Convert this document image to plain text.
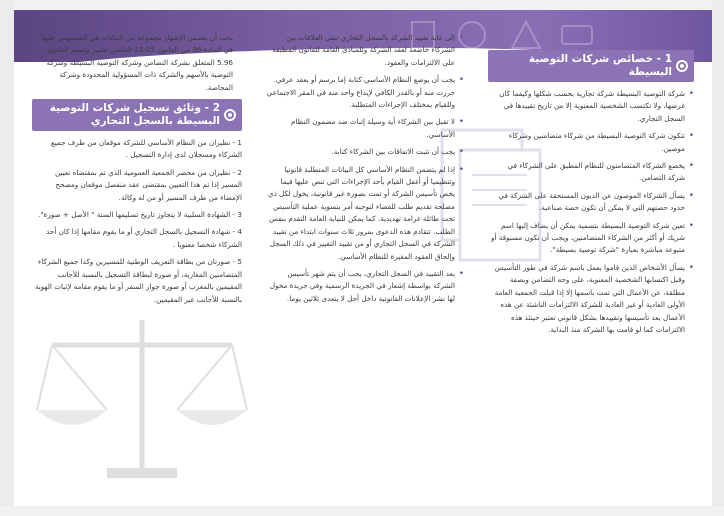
1 - خصائص شركات التوصية البسيطة
• شركة التوصية البسيطة شركة تجارية بحسب شكلها وكيفما كان غرضها، ولا تكتسب الشخصية المعنوية إلا من تاريخ تقييدها في السجل التجاري.
• تتكون شركة التوصية البسيطة من شركاء متضامنين وشركاء موصين.
• يخضع الشركاء المتضامنون للنظام المطبق على الشركاء في شركة التضامن.
• يسأل الشركاء الموصون عن الديون المستحقة على الشركة في حدود حصتهم التي لا يمكن أن تكون حصة صناعية.
• تعين شركة التوصية البسيطة بتسمية يمكن أن يضاف إليها اسم شريك أو أكثر من الشركاء المتضامنين، ويجب أن تكون مسبوقة أو متبوعة مباشرة بعبارة "شركة توصية بسيطة".
• يسأل الأشخاص الذين قاموا بعمل باسم شركة في طور التأسيس وقبل اكتسابها الشخصية المعنوية، على وجه التضامن وبصفة مطلقة، عن الأعمال التي تمت باسمها إلا إذا قبلت الجمعية العامة الأولى العادية أو غير العادية للشركة الالتزامات الناشئة عن هذه الأعمال بعد تأسيسها وتقييدها بشكل قانوني تعتبر حينئذ هذه الالتزامات كما لو قامت بها الشركة منذ البداية.
• إلى غاية تقييد الشركة بالسجل التجاري تبقى العلاقات بين الشركاء خاضعة لعقد الشركة وللمبادئ العامة للقانون المطبقة على الالتزامات والعقود.
• يجب أن يوضع النظام الأساسي كتابة إما برسم أو بعقد عرفي. حررت منه أو بالقدر الكافي لإيداع واحد منه في المقر الاجتماعي وللقيام بمختلف الإجراءات المتطلبة.
• لا تقبل بين الشركاء أية وسيلة إثبات ضد مضمون النظام الأساسي.
• يجب أن تثبت الاتفاقات بين الشركاء كتابة.
• إذا لم يتضمن النظام الأساسي كل البيانات المتطلبة قانونيا وتنظيميا أو أغفل القيام بأحد الإجراءات التي تنص عليها فيما يخص تأسيس الشركة أو تمت بصورة غير قانونية، يخول لكل ذي مصلحة تقديم طلب للقضاء لتوجيه أمر بتسوية عملية التأسيس تحت طائلة غرامة تهديدية. كما يمكن للنيابة العامة التقدم بنفس الطلب. تتقادم هذه الدعوى بمرور ثلاث سنوات ابتداء من تقييد الشركة في السجل التجاري أو من تقييد التغيير في ذلك السجل وإلحاق العقود المغيرة للنظام الأساسي.
• بعد التقييد في السجل التجاري، يجب أن يتم شهر تأسيس الشركة بواسطة إشعار في الجريدة الرسمية وفي جريدة مخول لها نشر الإعلانات القانونية داخل أجل لا يتعدى ثلاثين يوما.
• يجب أن يتضمن الإشهار مجموعة من البيانات هي المنصوص عليها في المادة 96 من القانون 05-21 القاضي بتغيير وتتميم القانون 5.96 المتعلق بشركة التضامن وشركة التوصية البسيطة وشركة التوصية بالأسهم والشركة ذات المسؤولية المحدودة وشركة المحاصة.
2 - وثائق تسجيل شركات التوصية البسيطة بالسجل التجاري
1 - نظيران من النظام الأساسي للشركة موقعان من طرف جميع الشركاء ومسجلان لدى إدارة التسجيل .
2 - نظيران من محضر الجمعية العمومية الذي تم بمقتضاه تعيين المسير إذا تم هذا التعيين بمقتضى عقد منفصل موقعان ومصحح الإمضاء من طرف المسير أو من له وكالة.
3 - الشهادة السلبية لا يتجاوز تاريخ تسليمها السنة " الأصل + صورة".
4 - شهادة التسجيل بالسجل التجاري أو ما يقوم مقامها إذا كان أحد الشركاء شخصا معنويا .
5 - صورتان من بطاقة التعريف الوطنية للمسيرين وكذا جميع الشركاء المتضامنين المغاربة، أو صورة لبطاقة التسجيل بالنسبة للأجانب المقيمين بالمغرب أو صورة جواز السفر أو ما يقوم مقامه لإثبات الهوية بالنسبة للأجانب غير المقيمين.
